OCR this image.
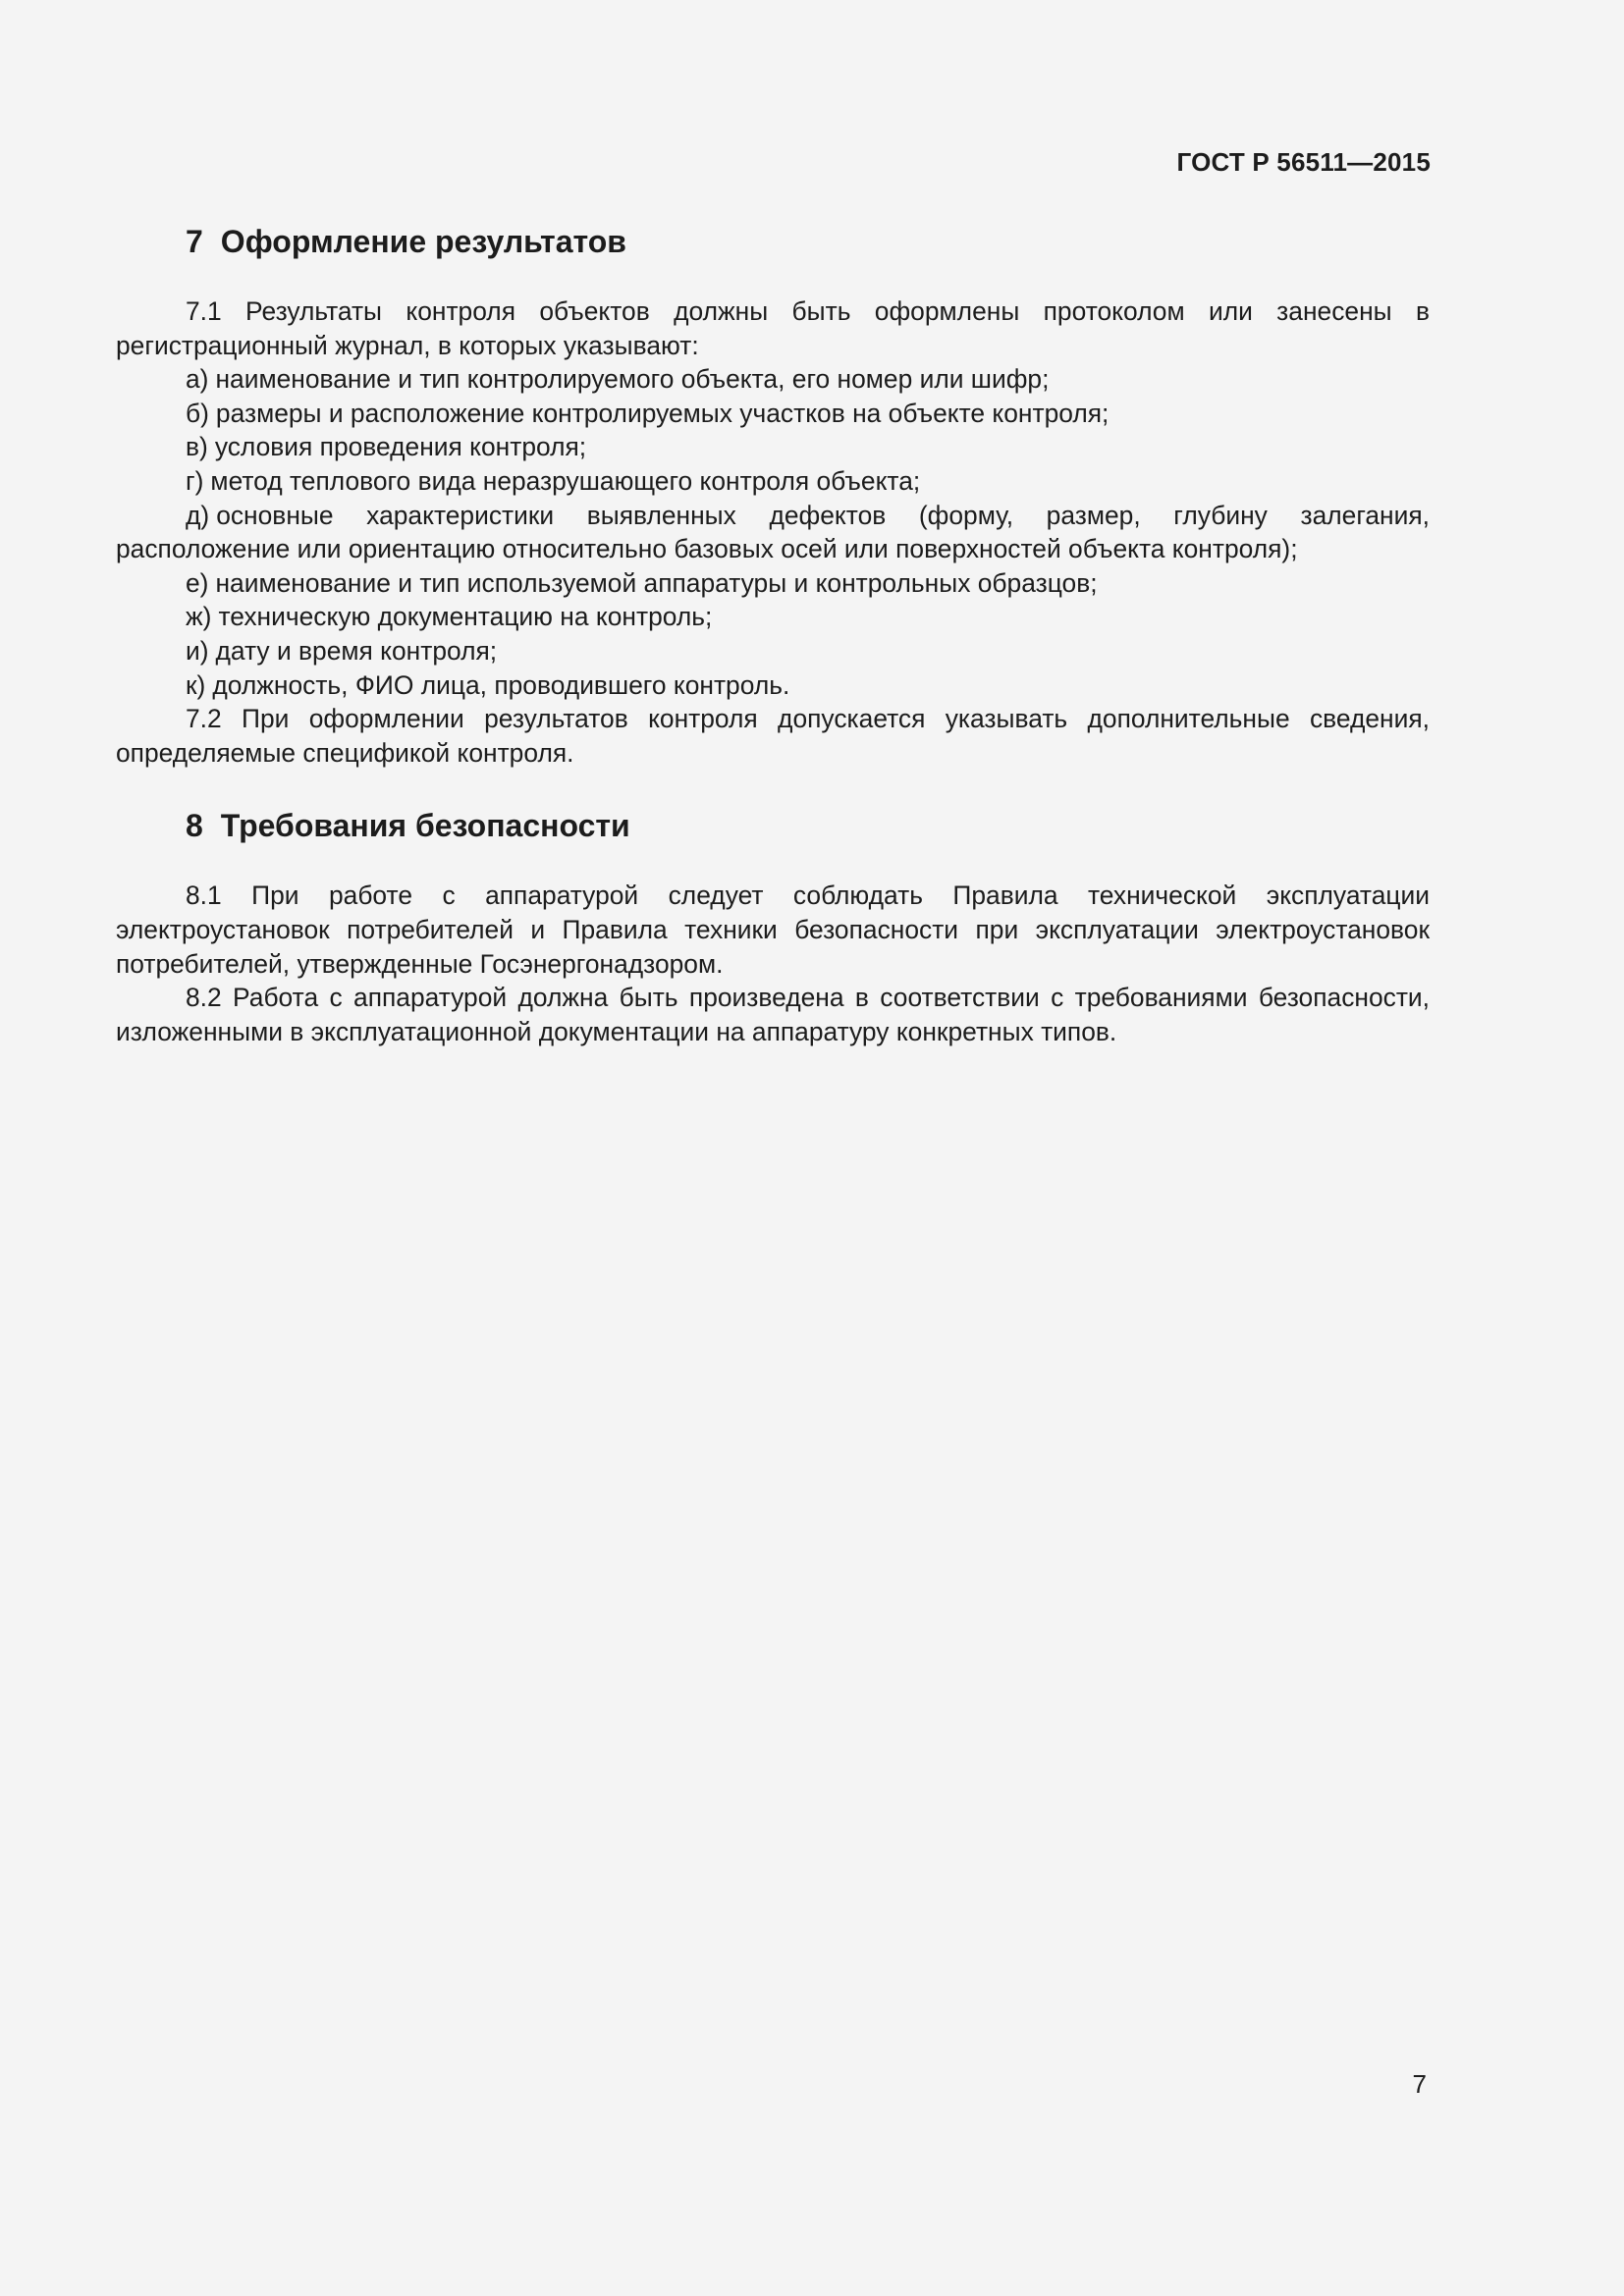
ГОСТ Р 56511—2015
7 Оформление результатов

7.1 Результаты контроля объектов должны быть оформлены протоколом или занесены в регистрационный журнал, в которых указывают:

а) наименование и тип контролируемого объекта, его номер или шифр;

б) размеры и расположение контролируемых участков на объекте контроля;

в) условия проведения контроля;

г) метод теплового вида неразрушающего контроля объекта;

д) основные характеристики выявленных дефектов (форму, размер, глубину залегания, расположение или ориентацию относительно базовых осей или поверхностей объекта контроля);

е) наименование и тип используемой аппаратуры и контрольных образцов;

ж) техническую документацию на контроль;

и) дату и время контроля;

к) должность, ФИО лица, проводившего контроль.

7.2 При оформлении результатов контроля допускается указывать дополнительные сведения, определяемые спецификой контроля.

8 Требования безопасности

8.1 При работе с аппаратурой следует соблюдать Правила технической эксплуатации электроустановок потребителей и Правила техники безопасности при эксплуатации электроустановок потребителей, утвержденные Госэнергонадзором.

8.2 Работа с аппаратурой должна быть произведена в соответствии с требованиями безопасности, изложенными в эксплуатационной документации на аппаратуру конкретных типов.

7
